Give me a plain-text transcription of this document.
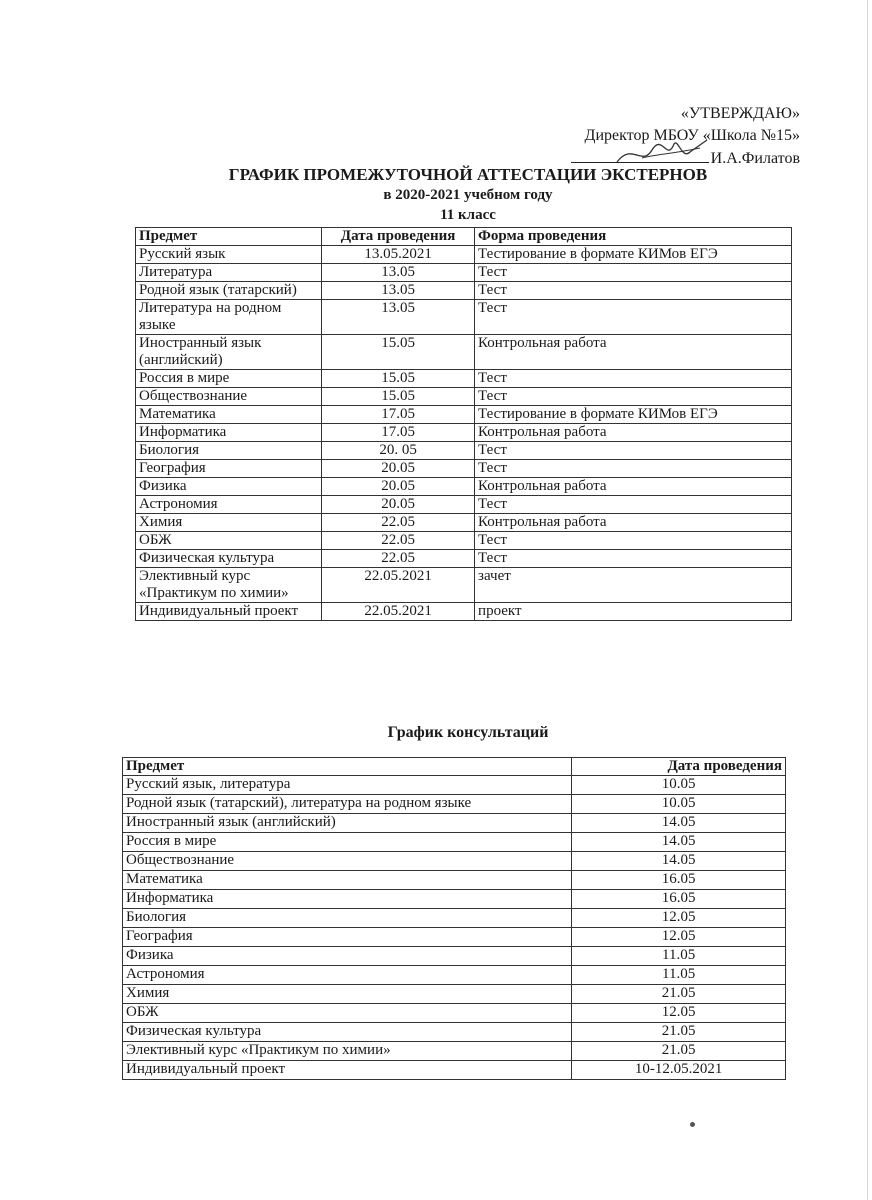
«УТВЕРЖДАЮ»
Директор МБОУ «Школа №15»
И.А.Филатов
ГРАФИК ПРОМЕЖУТОЧНОЙ АТТЕСТАЦИИ ЭКСТЕРНОВ
в 2020-2021 учебном году
11 класс
Предмет	Дата проведения	Форма проведения
Русский язык	13.05.2021	Тестирование в формате КИМов ЕГЭ
Литература	13.05	Тест
Родной язык (татарский)	13.05	Тест
Литература на родном языке	13.05	Тест
Иностранный язык (английский)	15.05	Контрольная работа
Россия в мире	15.05	Тест
Обществознание	15.05	Тест
Математика	17.05	Тестирование в формате КИМов ЕГЭ
Информатика	17.05	Контрольная работа
Биология	20. 05	Тест
География	20.05	Тест
Физика	20.05	Контрольная работа
Астрономия	20.05	Тест
Химия	22.05	Контрольная работа
ОБЖ	22.05	Тест
Физическая культура	22.05	Тест
Элективный курс «Практикум по химии»	22.05.2021	зачет
Индивидуальный проект	22.05.2021	проект
График консультаций
Предмет	Дата проведения
Русский язык, литература	10.05
Родной язык (татарский), литература на родном языке	10.05
Иностранный язык (английский)	14.05
Россия в мире	14.05
Обществознание	14.05
Математика	16.05
Информатика	16.05
Биология	12.05
География	12.05
Физика	11.05
Астрономия	11.05
Химия	21.05
ОБЖ	12.05
Физическая культура	21.05
Элективный курс «Практикум по химии»	21.05
Индивидуальный проект	10-12.05.2021
